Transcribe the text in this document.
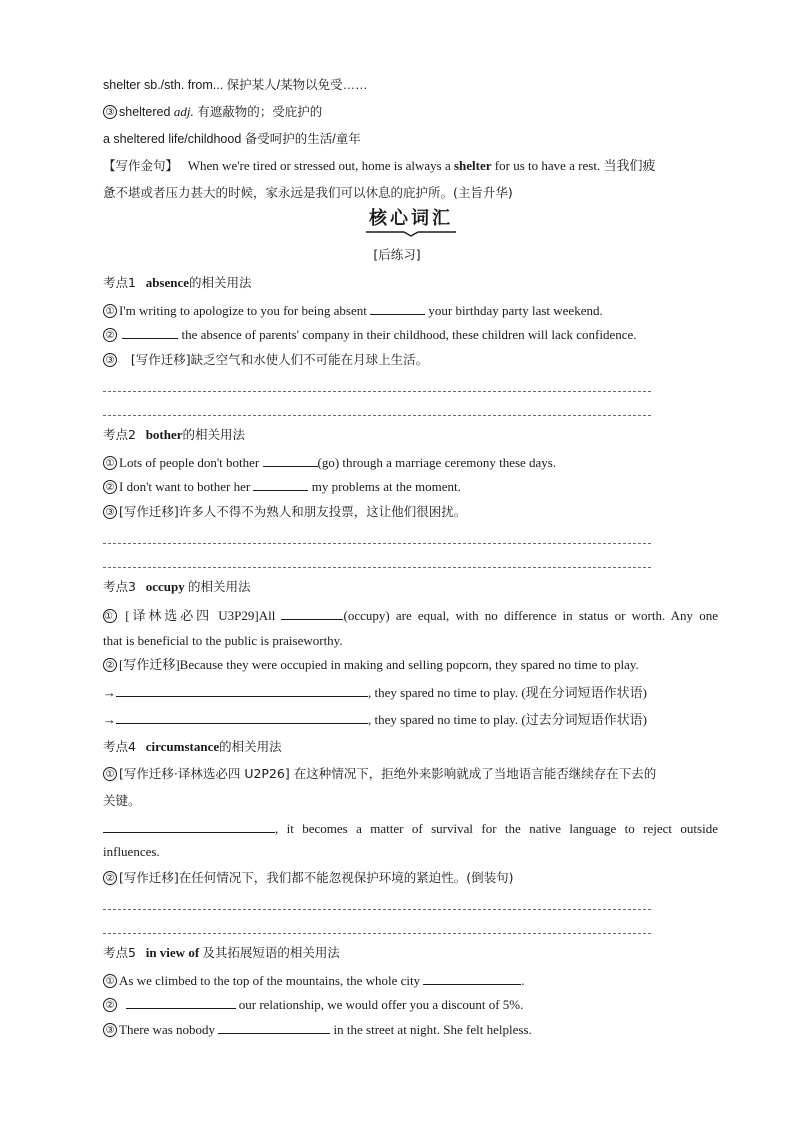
shelter sb./sth. from... 保护某人/某物以免受……
③ sheltered adj. 有遮蔽物的；受庇护的
a sheltered life/childhood 备受呵护的生活/童年
【写作金句】 When we're tired or stressed out, home is always a shelter for us to have a rest. 当我们疲
惫不堪或者压力甚大的时候，家永远是我们可以休息的庇护所。(主旨升华)
核心词汇
[后练习]
考点1 absence的相关用法
① I'm writing to apologize to you for being absent	your birthday party last weekend.
②	the absence of parents' company in their childhood, these children will lack confidence.
③ [写作迁移]缺乏空气和水使人们不可能在月球上生活。
考点2 bother的相关用法
① Lots of people don't bother	(go) through a marriage ceremony these days.
② I don't want to bother her	my problems at the moment.
③ [写作迁移]许多人不得不为熟人和朋友投票，这让他们很困扰。
考点3 occupy 的相关用法
① [译林选必四 U3P29]All	(occupy) are equal, with no difference in status or worth. Any one
that is beneficial to the public is praiseworthy.
② [写作迁移]Because they were occupied in making and selling popcorn, they spared no time to play.
→	, they spared no time to play. (现在分词短语作状语)
→	, they spared no time to play. (过去分词短语作状语)
考点4 circumstance的相关用法
① [写作迁移·译林选必四 U2P26] 在这种情况下，拒绝外来影响就成了当地语言能否继续存在下去的
关键。
, it becomes a matter of survival for the native language to reject outside
influences.
② [写作迁移]在任何情况下，我们都不能忽视保护环境的紧迫性。(倒装句)
考点5 in view of 及其拓展短语的相关用法
① As we climbed to the top of the mountains, the whole city	.
②	our relationship, we would offer you a discount of 5%.
③ There was nobody	in the street at night. She felt helpless.
